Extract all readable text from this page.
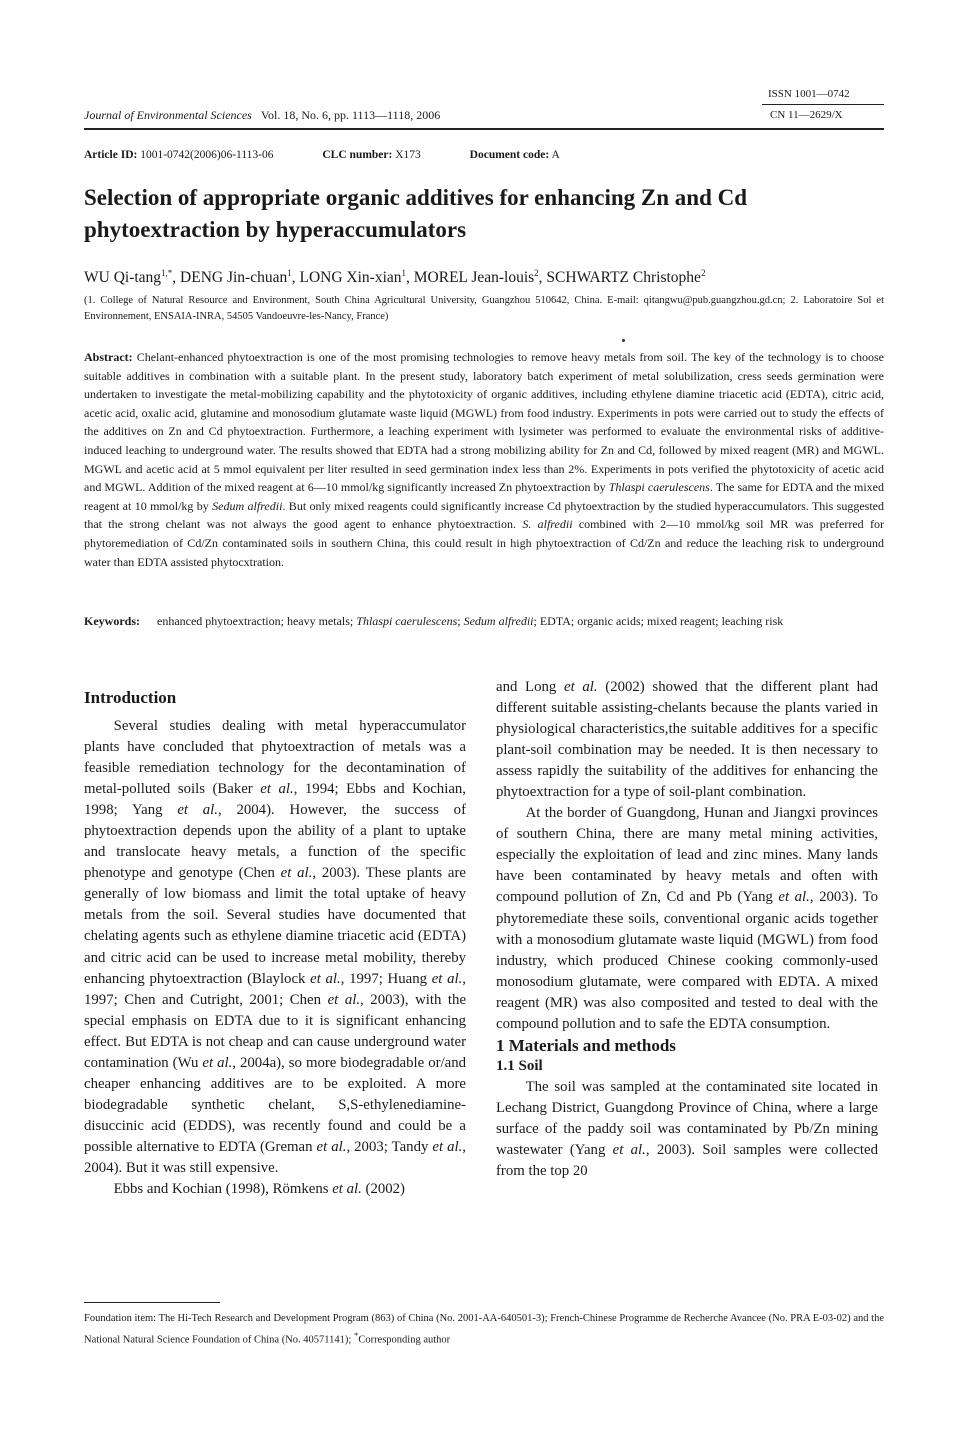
ISSN 1001—0742
Journal of Environmental Sciences Vol. 18, No. 6, pp. 1113—1118, 2006	CN 11—2629/X
Article ID: 1001-0742(2006)06-1113-06	CLC number: X173	Document code: A
Selection of appropriate organic additives for enhancing Zn and Cd phytoextraction by hyperaccumulators
WU Qi-tang$^{1,*}$, DENG Jin-chuan$^1$, LONG Xin-xian$^1$, MOREL Jean-louis$^2$, SCHWARTZ Christophe$^2$
(1. College of Natural Resource and Environment, South China Agricultural University, Guangzhou 510642, China. E-mail: qitangwu@pub.guangzhou.gd.cn; 2. Laboratoire Sol et Environnement, ENSAIA-INRA, 54505 Vandoeuvre-les-Nancy, France)
Abstract: Chelant-enhanced phytoextraction is one of the most promising technologies to remove heavy metals from soil. The key of the technology is to choose suitable additives in combination with a suitable plant. In the present study, laboratory batch experiment of metal solubilization, cress seeds germination were undertaken to investigate the metal-mobilizing capability and the phytotoxicity of organic additives, including ethylene diamine triacetic acid (EDTA), citric acid, acetic acid, oxalic acid, glutamine and monosodium glutamate waste liquid (MGWL) from food industry. Experiments in pots were carried out to study the effects of the additives on Zn and Cd phytoextraction. Furthermore, a leaching experiment with lysimeter was performed to evaluate the environmental risks of additive-induced leaching to underground water. The results showed that EDTA had a strong mobilizing ability for Zn and Cd, followed by mixed reagent (MR) and MGWL. MGWL and acetic acid at 5 mmol equivalent per liter resulted in seed germination index less than 2%. Experiments in pots verified the phytotoxicity of acetic acid and MGWL. Addition of the mixed reagent at 6—10 mmol/kg significantly increased Zn phytoextraction by Thlaspi caerulescens. The same for EDTA and the mixed reagent at 10 mmol/kg by Sedum alfredii. But only mixed reagents could significantly increase Cd phytoextraction by the studied hyperaccumulators. This suggested that the strong chelant was not always the good agent to enhance phytoextraction. S. alfredii combined with 2—10 mmol/kg soil MR was preferred for phytoremediation of Cd/Zn contaminated soils in southern China, this could result in high phytoextraction of Cd/Zn and reduce the leaching risk to underground water than EDTA assisted phytocxtration.
Keywords:	enhanced phytoextraction; heavy metals; Thlaspi caerulescens; Sedum alfredii; EDTA; organic acids; mixed reagent; leaching risk
Introduction

Several studies dealing with metal hyperaccumulator plants have concluded that phytoextraction of metals was a feasible remediation technology for the decontamination of metal-polluted soils (Baker et al., 1994; Ebbs and Kochian, 1998; Yang et al., 2004). However, the success of phytoextraction depends upon the ability of a plant to uptake and translocate heavy metals, a function of the specific phenotype and genotype (Chen et al., 2003). These plants are generally of low biomass and limit the total uptake of heavy metals from the soil. Several studies have documented that chelating agents such as ethylene diamine triacetic acid (EDTA) and citric acid can be used to increase metal mobility, thereby enhancing phytoextraction (Blaylock et al., 1997; Huang et al., 1997; Chen and Cutright, 2001; Chen et al., 2003), with the special emphasis on EDTA due to it is significant enhancing effect. But EDTA is not cheap and can cause underground water contamination (Wu et al., 2004a), so more biodegradable or/and cheaper enhancing additives are to be exploited. A more biodegradable synthetic chelant, S,S-ethylenediamine-disuccinic acid (EDDS), was recently found and could be a possible alternative to EDTA (Greman et al., 2003; Tandy et al., 2004). But it was still expensive.

Ebbs and Kochian (1998), Römkens et al. (2002)

and Long et al. (2002) showed that the different plant had different suitable assisting-chelants because the plants varied in physiological characteristics,the suitable additives for a specific plant-soil combination may be needed. It is then necessary to assess rapidly the suitability of the additives for enhancing the phytoextraction for a type of soil-plant combination.

At the border of Guangdong, Hunan and Jiangxi provinces of southern China, there are many metal mining activities, especially the exploitation of lead and zinc mines. Many lands have been contaminated by heavy metals and often with compound pollution of Zn, Cd and Pb (Yang et al., 2003). To phytoremediate these soils, conventional organic acids together with a monosodium glutamate waste liquid (MGWL) from food industry, which produced Chinese cooking commonly-used monosodium glutamate, were compared with EDTA. A mixed reagent (MR) was also composited and tested to deal with the compound pollution and to safe the EDTA consumption.

1 Materials and methods

1.1 Soil

The soil was sampled at the contaminated site located in Lechang District, Guangdong Province of China, where a large surface of the paddy soil was contaminated by Pb/Zn mining wastewater (Yang et al., 2003). Soil samples were collected from the top 20

Foundation item: The Hi-Tech Research and Development Program (863) of China (No. 2001-AA-640501-3); French-Chinese Programme de Recherche Avancee (No. PRA E-03-02) and the National Natural Science Foundation of China (No. 40571141); *Corresponding author
